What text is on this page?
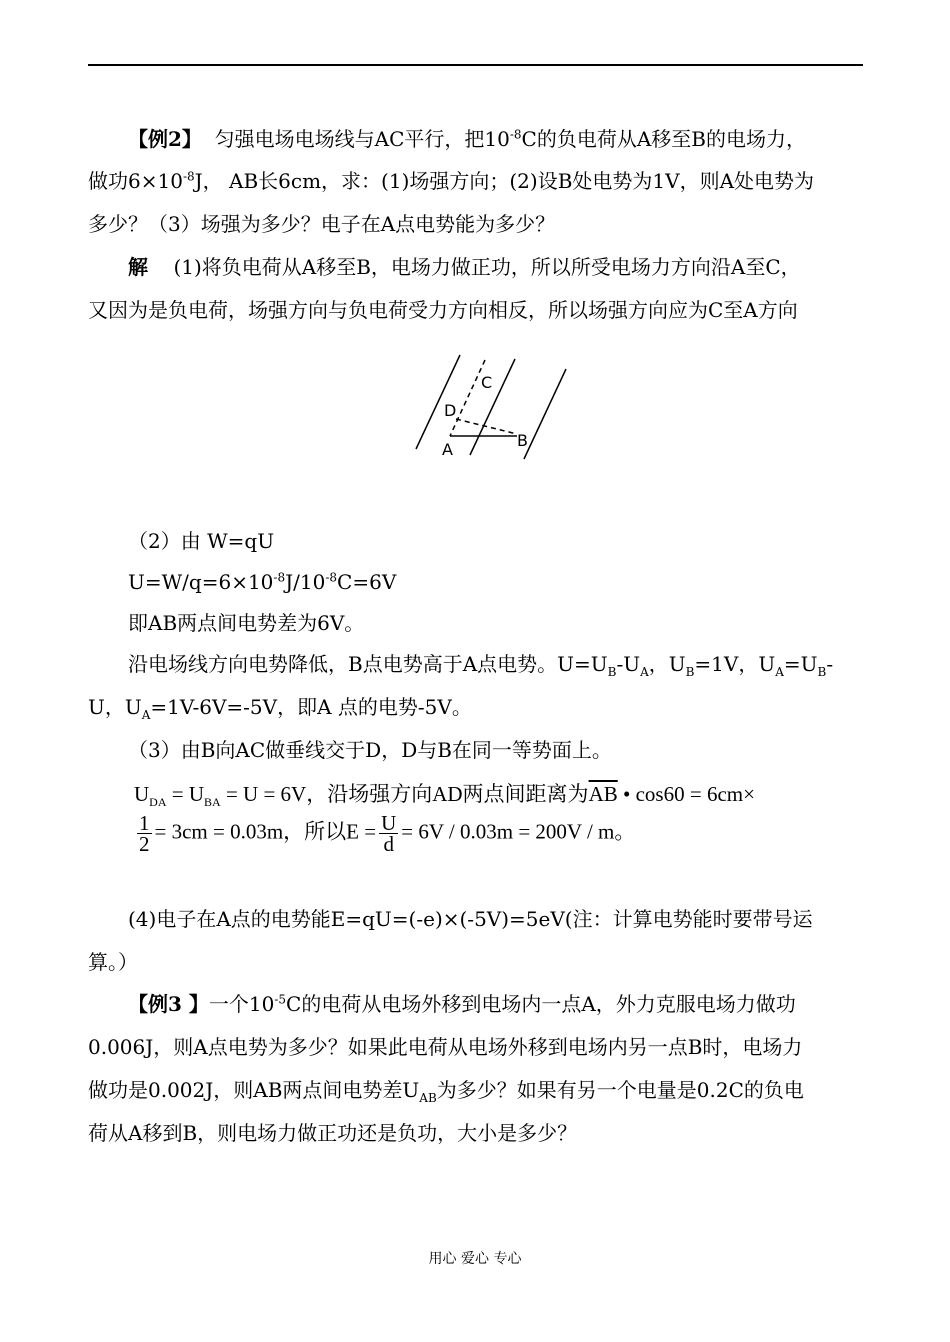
【例2】 匀强电场电场线与AC平行，把$10^{-8}C$的负电荷从A移至B的电场力，
做功$6\times 10^{-8}J$， AB长6cm，求：(1)场强方向；(2)设B处电势为1V，则A处电势为
多少？（3）场强为多少？电子在A点电势能为多少？
解 (1)将负电荷从A移至B，电场力做正功，所以所受电场力方向沿A至C，
又因为是负电荷，场强方向与负电荷受力方向相反，所以场强方向应为C至A方向
C
D
A	B
（2）由 W=qU
$U=W/q=6\times 10^{-8}J/10^{-8}C=6V$
即AB两点间电势差为6V。
沿电场线方向电势降低，B点电势高于A点电势。$U=U_B-U_A$，$U_B=1V$，$U_A=U_B-$
U，$U_A=1V-6V=-5V$，即A 点的电势-5V。
（3）由B向AC做垂线交于D，D与B在同一等势面上。
$U_{DA} = U_{BA} = U = 6V$，沿场强方向AD两点间距离为$\overline{AB}$ • cos60 = 6cm×
$\frac{1}{2} = 3cm = 0.03m$，所以$E = \frac{U}{d} = 6V / 0.03m = 200V / m$。
(4)电子在A点的电势能E=qU=(-e)×(-5V)=5eV(注：计算电势能时要带号运
算。）
【例3 】一个$10^{-5}C$的电荷从电场外移到电场内一点A，外力克服电场力做功
0.006J，则A点电势为多少？如果此电荷从电场外移到电场内另一点B时，电场力
做功是0.002J，则AB两点间电势差$U_{AB}$为多少？如果有另一个电量是0.2C的负电
荷从A移到B，则电场力做正功还是负功，大小是多少？
用心 爱心 专心
